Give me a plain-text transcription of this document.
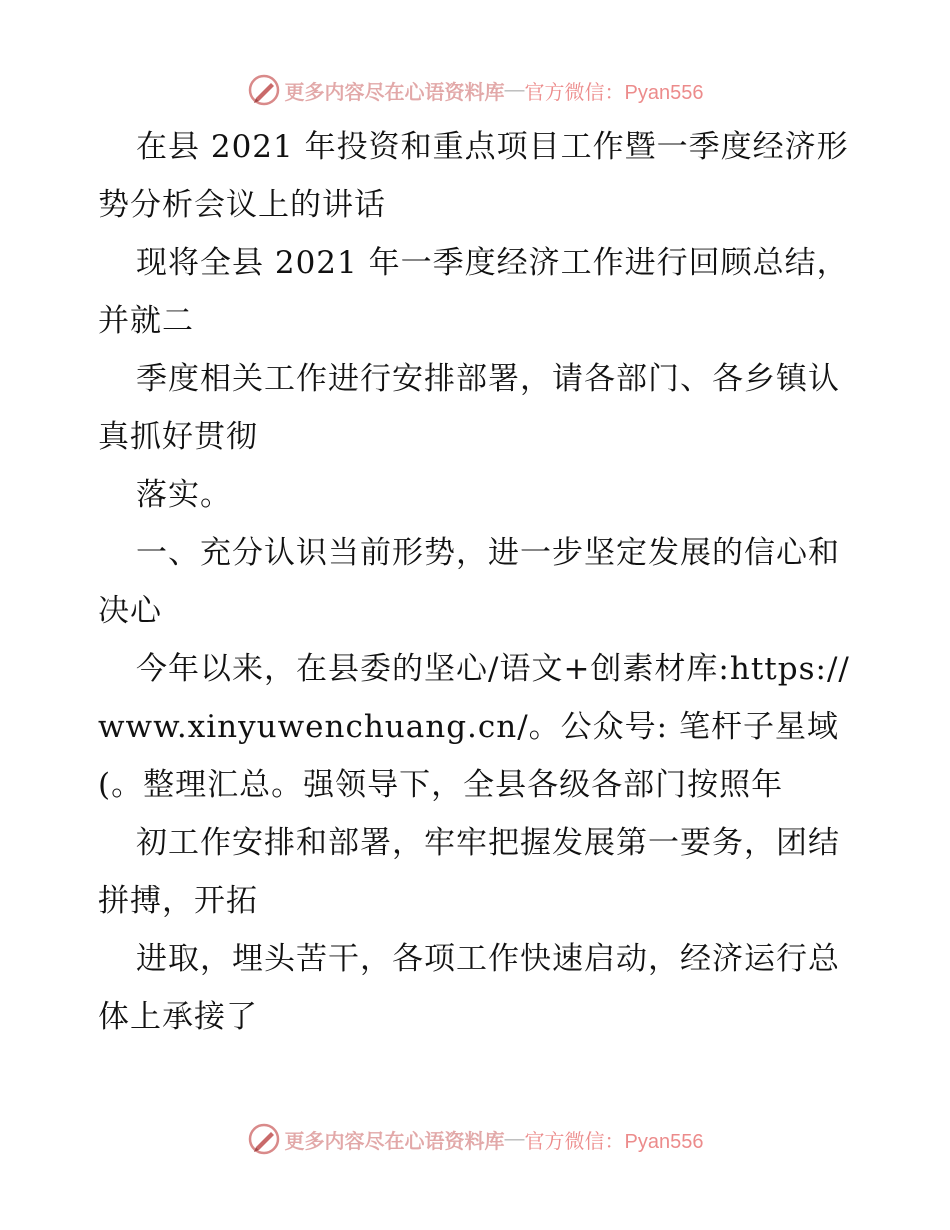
更多内容尽在心语资料库 — 官方微信：Pyan556

在县 2021 年投资和重点项目工作暨一季度经济形势分析会议上的讲话

现将全县 2021 年一季度经济工作进行回顾总结，并就二

季度相关工作进行安排部署，请各部门、各乡镇认真抓好贯彻

落实。

一、充分认识当前形势，进一步坚定发展的信心和决心

今年以来，在县委的坚心/语文+创素材库:https://www.xinyuwenchuang.cn/。公众号: 笔杆子星域 (。整理汇总。强领导下，全县各级各部门按照年

初工作安排和部署，牢牢把握发展第一要务，团结拼搏，开拓

进取，埋头苦干，各项工作快速启动，经济运行总体上承接了

更多内容尽在心语资料库 — 官方微信：Pyan556
